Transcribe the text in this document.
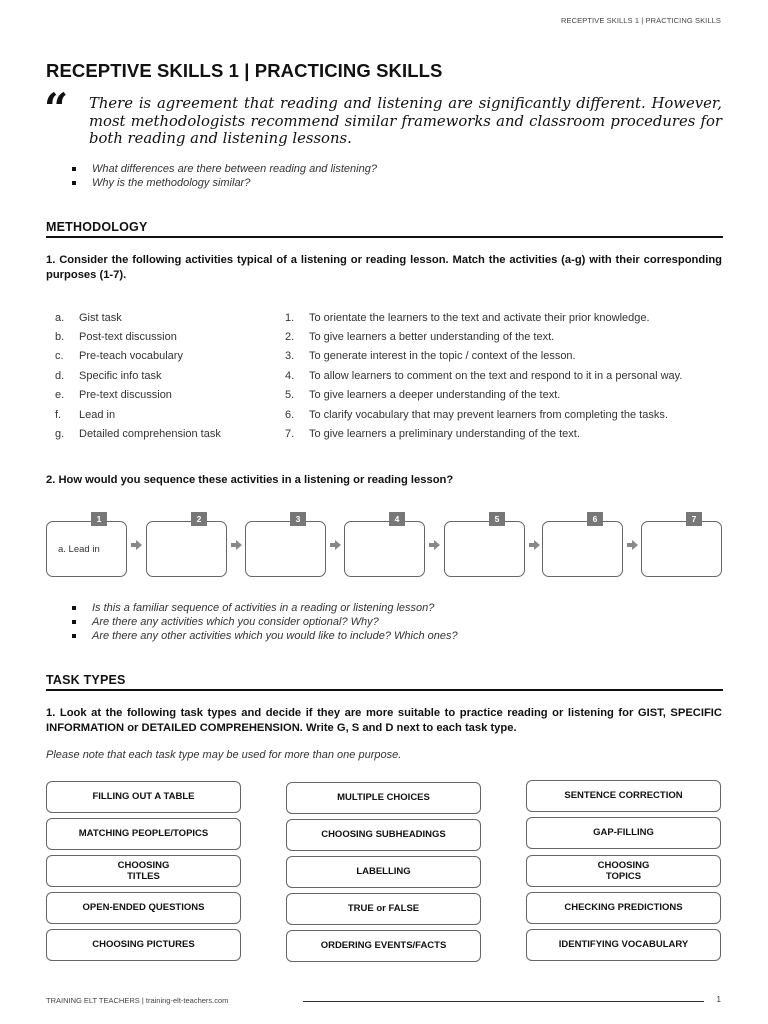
RECEPTIVE SKILLS 1 | PRACTICING SKILLS
RECEPTIVE SKILLS 1 | PRACTICING SKILLS
“ There is agreement that reading and listening are significantly different. However, most methodologists recommend similar frameworks and classroom procedures for both reading and listening lessons.

What differences are there between reading and listening?
Why is the methodology similar?
METHODOLOGY

1. Consider the following activities typical of a listening or reading lesson. Match the activities (a-g) with their corresponding purposes (1-7).

a.	Gist task	1.	To orientate the learners to the text and activate their prior knowledge.
b.	Post-text discussion	2.	To give learners a better understanding of the text.
c.	Pre-teach vocabulary	3.	To generate interest in the topic / context of the lesson.
d.	Specific info task	4.	To allow learners to comment on the text and respond to it in a personal way.
e.	Pre-text discussion	5.	To give learners a deeper understanding of the text.
f.	Lead in	6.	To clarify vocabulary that may prevent learners from completing the tasks.
g.	Detailed comprehension task	7.	To give learners a preliminary understanding of the text.

2. How would you sequence these activities in a listening or reading lesson?

1
a. Lead in
2	3	4	5	6	7
Is this a familiar sequence of activities in a reading or listening lesson?
Are there any activities which you consider optional? Why?
Are there any other activities which you would like to include? Which ones?
TASK TYPES

1. Look at the following task types and decide if they are more suitable to practice reading or listening for GIST, SPECIFIC INFORMATION or DETAILED COMPREHENSION. Write G, S and D next to each task type.

Please note that each task type may be used for more than one purpose.

FILLING OUT A TABLE
MATCHING PEOPLE/TOPICS
CHOOSING
TITLES
OPEN-ENDED QUESTIONS
CHOOSING PICTURES
MULTIPLE CHOICES
CHOOSING SUBHEADINGS
LABELLING
TRUE or FALSE
ORDERING EVENTS/FACTS
SENTENCE CORRECTION
GAP-FILLING
CHOOSING
TOPICS
CHECKING PREDICTIONS
IDENTIFYING VOCABULARY
TRAINING ELT TEACHERS | training-elt-teachers.com	1
